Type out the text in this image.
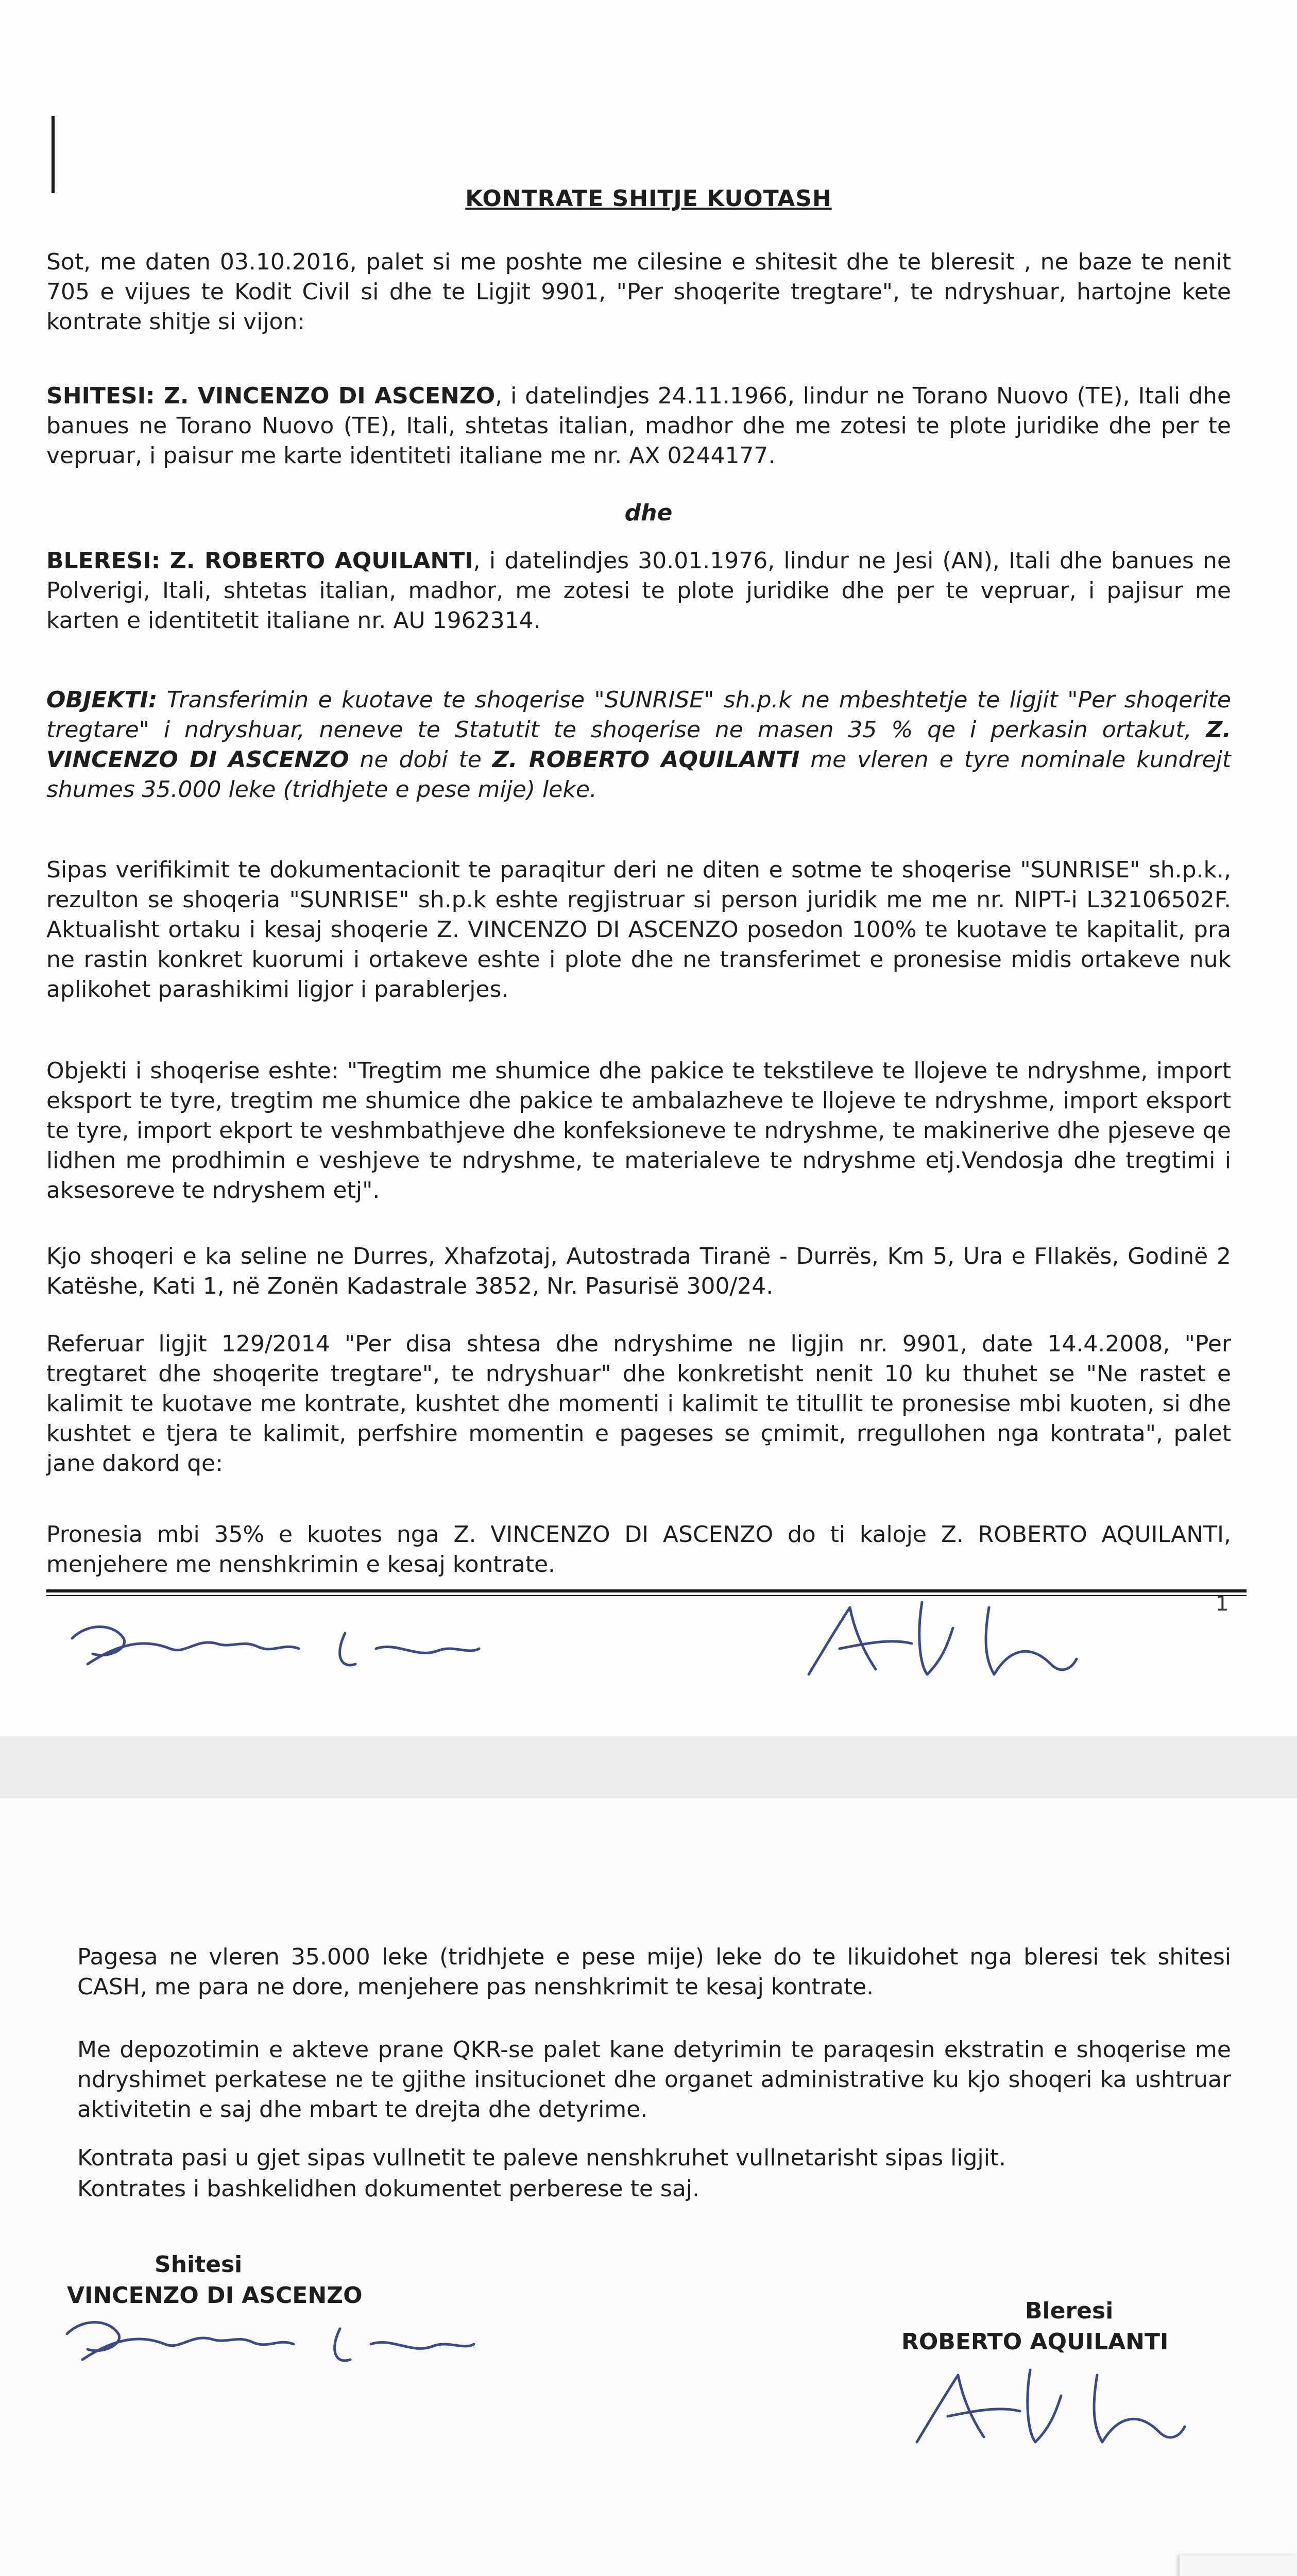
KONTRATE SHITJE KUOTASH

Sot, me daten 03.10.2016, palet si me poshte me cilesine e shitesit dhe te bleresit , ne baze te nenit 705 e vijues te Kodit Civil si dhe te Ligjit 9901, "Per shoqerite tregtare", te ndryshuar, hartojne kete kontrate shitje si vijon:

SHITESI: Z. VINCENZO DI ASCENZO, i datelindjes 24.11.1966, lindur ne Torano Nuovo (TE), Itali dhe banues ne Torano Nuovo (TE), Itali, shtetas italian, madhor dhe me zotesi te plote juridike dhe per te vepruar, i paisur me karte identiteti italiane me nr. AX 0244177.

dhe

BLERESI: Z. ROBERTO AQUILANTI, i datelindjes 30.01.1976, lindur ne Jesi (AN), Itali dhe banues ne Polverigi, Itali, shtetas italian, madhor, me zotesi te plote juridike dhe per te vepruar, i pajisur me karten e identitetit italiane nr. AU 1962314.

OBJEKTI: Transferimin e kuotave te shoqerise "SUNRISE" sh.p.k ne mbeshtetje te ligjit "Per shoqerite tregtare" i ndryshuar, neneve te Statutit te shoqerise ne masen 35 % qe i perkasin ortakut, Z. VINCENZO DI ASCENZO ne dobi te Z. ROBERTO AQUILANTI me vleren e tyre nominale kundrejt shumes 35.000 leke (tridhjete e pese mije) leke.

Sipas verifikimit te dokumentacionit te paraqitur deri ne diten e sotme te shoqerise "SUNRISE" sh.p.k., rezulton se shoqeria "SUNRISE" sh.p.k eshte regjistruar si person juridik me me nr. NIPT-i L32106502F. Aktualisht ortaku i kesaj shoqerie Z. VINCENZO DI ASCENZO posedon 100% te kuotave te kapitalit, pra ne rastin konkret kuorumi i ortakeve eshte i plote dhe ne transferimet e pronesise midis ortakeve nuk aplikohet parashikimi ligjor i parablerjes.

Objekti i shoqerise eshte: "Tregtim me shumice dhe pakice te tekstileve te llojeve te ndryshme, import eksport te tyre, tregtim me shumice dhe pakice te ambalazheve te llojeve te ndryshme, import eksport te tyre, import ekport te veshmbathjeve dhe konfeksioneve te ndryshme, te makinerive dhe pjeseve qe lidhen me prodhimin e veshjeve te ndryshme, te materialeve te ndryshme etj.Vendosja dhe tregtimi i aksesoreve te ndryshem etj".

Kjo shoqeri e ka seline ne Durres, Xhafzotaj, Autostrada Tiranë - Durrës, Km 5, Ura e Fllakës, Godinë 2 Katëshe, Kati 1, në Zonën Kadastrale 3852, Nr. Pasurisë 300/24.

Referuar ligjit 129/2014 "Per disa shtesa dhe ndryshime ne ligjin nr. 9901, date 14.4.2008, "Per tregtaret dhe shoqerite tregtare", te ndryshuar" dhe konkretisht nenit 10 ku thuhet se "Ne rastet e kalimit te kuotave me kontrate, kushtet dhe momenti i kalimit te titullit te pronesise mbi kuoten, si dhe kushtet e tjera te kalimit, perfshire momentin e pageses se çmimit, rregullohen nga kontrata", palet jane dakord qe:

Pronesia mbi 35% e kuotes nga Z. VINCENZO DI ASCENZO do ti kaloje Z. ROBERTO AQUILANTI, menjehere me nenshkrimin e kesaj kontrate.

1

Pagesa ne vleren 35.000 leke (tridhjete e pese mije) leke do te likuidohet nga bleresi tek shitesi CASH, me para ne dore, menjehere pas nenshkrimit te kesaj kontrate.

Me depozotimin e akteve prane QKR-se palet kane detyrimin te paraqesin ekstratin e shoqerise me ndryshimet perkatese ne te gjithe insitucionet dhe organet administrative ku kjo shoqeri ka ushtruar aktivitetin e saj dhe mbart te drejta dhe detyrime.

Kontrata pasi u gjet sipas vullnetit te paleve nenshkruhet vullnetarisht sipas ligjit.

Kontrates i bashkelidhen dokumentet perberese te saj.

Shitesi
VINCENZO DI ASCENZO
Bleresi
ROBERTO AQUILANTI
